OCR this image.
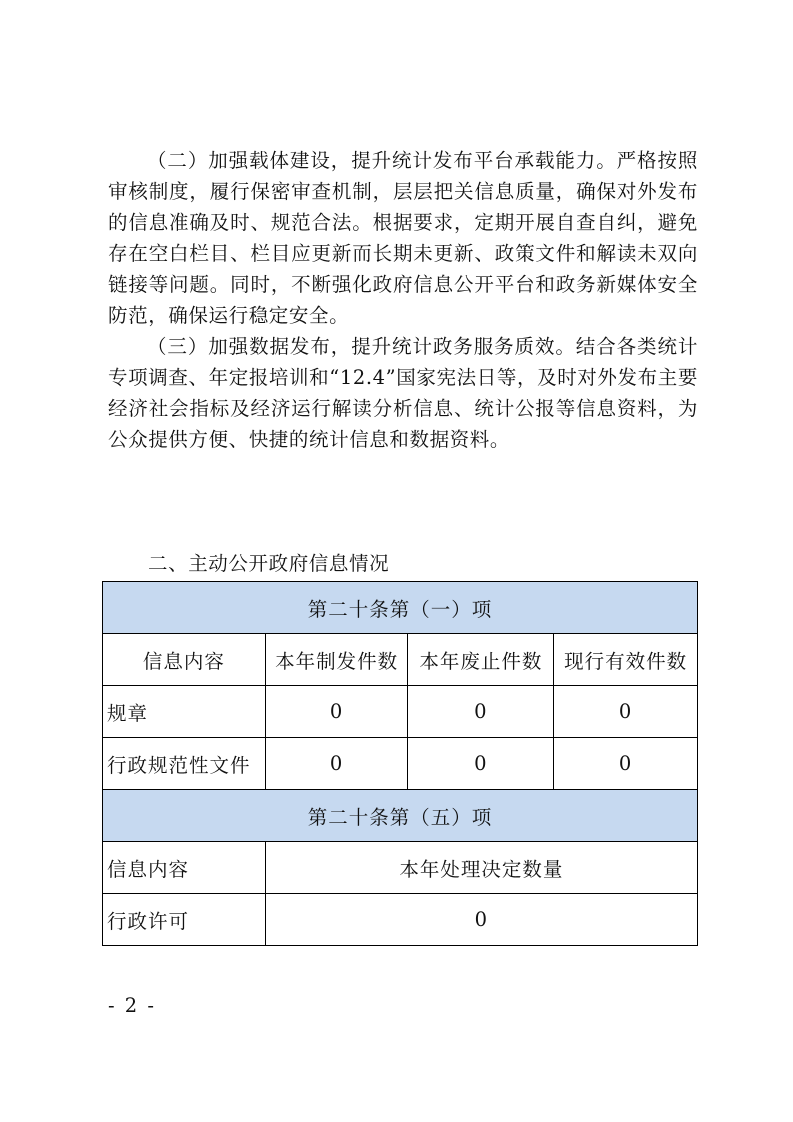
（二）加强载体建设，提升统计发布平台承载能力。严格按照审核制度，履行保密审查机制，层层把关信息质量，确保对外发布的信息准确及时、规范合法。根据要求，定期开展自查自纠，避免存在空白栏目、栏目应更新而长期未更新、政策文件和解读未双向链接等问题。同时，不断强化政府信息公开平台和政务新媒体安全防范，确保运行稳定安全。

（三）加强数据发布，提升统计政务服务质效。结合各类统计专项调查、年定报培训和“12.4”国家宪法日等，及时对外发布主要经济社会指标及经济运行解读分析信息、统计公报等信息资料，为公众提供方便、快捷的统计信息和数据资料。

二、主动公开政府信息情况
第二十条第（一）项			
信息内容	本年制发件数	本年废止件数	现行有效件数
规章	0	0	0
行政规范性文件	0	0	0
第二十条第（五）项			
信息内容	本年处理决定数量		
行政许可	0		
- 2 -
